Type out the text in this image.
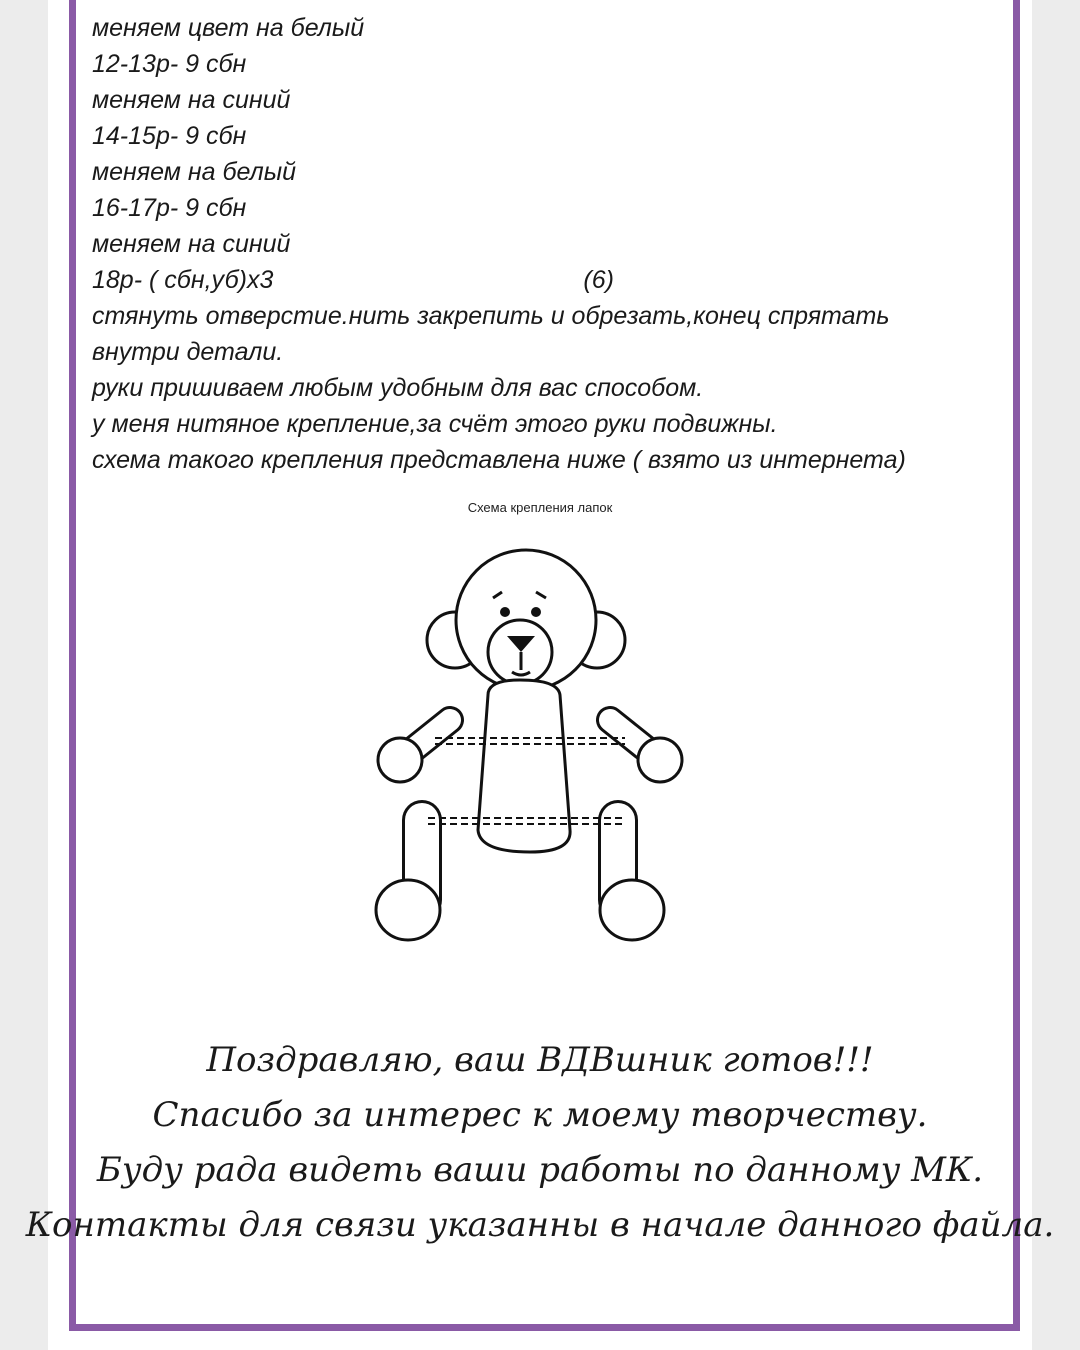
меняем цвет на белый

12-13р- 9 сбн

меняем на синий

14-15р- 9 сбн

меняем на белый

16-17р- 9 сбн

меняем на синий

18р- ( сбн,уб)х3	(6)

стянуть отверстие.нить закрепить и обрезать,конец спрятать

внутри детали.

руки пришиваем любым удобным для вас способом.

у меня нитяное крепление,за счёт этого руки подвижны.

схема такого крепления представлена ниже ( взято из интернета)

Схема крепления лапок

Поздравляю, ваш ВДВшник готов!!!

Спасибо за интерес к моему творчеству.

Буду рада видеть ваши работы по данному МК.

Контакты для связи указанны в начале данного файла.
